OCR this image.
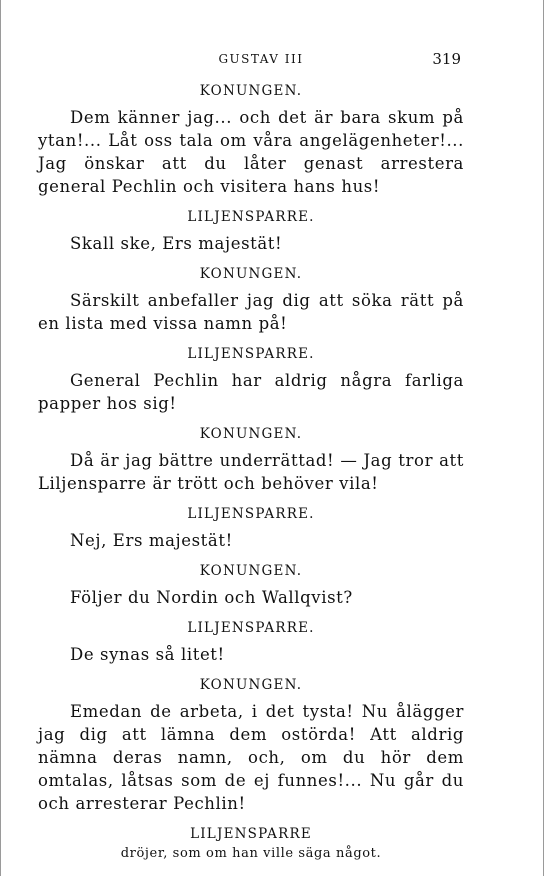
GUSTAV III	319
KONUNGEN.
Dem känner jag... och det är bara skum på ytan!... Låt oss tala om våra angelägenheter!... Jag önskar att du låter genast arrestera general Pechlin och visitera hans hus!
LILJENSPARRE.
Skall ske, Ers majestät!
KONUNGEN.
Särskilt anbefaller jag dig att söka rätt på en lista med vissa namn på!
LILJENSPARRE.
General Pechlin har aldrig några farliga papper hos sig!
KONUNGEN.
Då är jag bättre underrättad! — Jag tror att Liljensparre är trött och behöver vila!
LILJENSPARRE.
Nej, Ers majestät!
KONUNGEN.
Följer du Nordin och Wallqvist?
LILJENSPARRE.
De synas så litet!
KONUNGEN.
Emedan de arbeta, i det tysta! Nu ålägger jag dig att lämna dem ostörda! Att aldrig nämna deras namn, och, om du hör dem omtalas, låtsas som de ej funnes!... Nu går du och arresterar Pechlin!
LILJENSPARRE
dröjer, som om han ville säga något.
